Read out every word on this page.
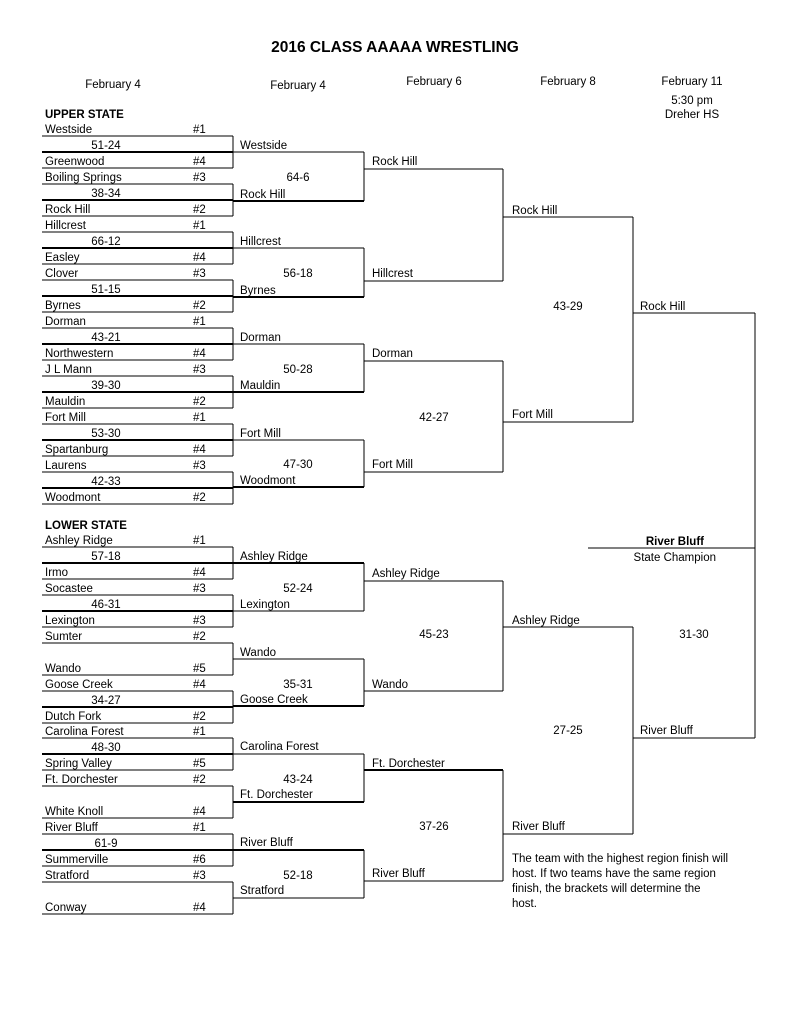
2016 CLASS AAAAA WRESTLING
February 4	February 4	February 6	February 8	February 11
5:30 pm
Dreher HS
UPPER STATE
LOWER STATE
Westside	#1
51-24
Greenwood	#4
Boiling Springs	#3
38-34
Rock Hill	#2
Hillcrest	#1
66-12
Easley	#4
Clover	#3
51-15
Byrnes	#2
Dorman	#1
43-21
Northwestern	#4
J L Mann	#3
39-30
Mauldin	#2
Fort Mill	#1
53-30
Spartanburg	#4
Laurens	#3
42-33
Woodmont	#2
Westside
64-6
Rock Hill
Hillcrest
56-18
Byrnes
Dorman
50-28
Mauldin
Fort Mill
47-30
Woodmont
Rock Hill
Hillcrest
Dorman
42-27
Fort Mill
Rock Hill
43-29
Fort Mill
Rock Hill
River Bluff
State Champion
31-30
Ashley Ridge	#1
57-18
Irmo	#4
Socastee	#3
46-31
Lexington	#3
Sumter	#2
Wando	#5
Goose Creek	#4
34-27
Dutch Fork	#2
Carolina Forest	#1
48-30
Spring Valley	#5
Ft. Dorchester	#2
White Knoll	#4
River Bluff	#1
61-9
Summerville	#6
Stratford	#3
Conway	#4
Ashley Ridge
52-24
Lexington
Wando
35-31
Goose Creek
Carolina Forest
43-24
Ft. Dorchester
River Bluff
52-18
Stratford
Ashley Ridge
45-23
Wando
Ft. Dorchester
37-26
River Bluff
Ashley Ridge
27-25
River Bluff
River Bluff
The team with the highest region finish will
host. If two teams have the same region
finish, the brackets will determine the
host.
